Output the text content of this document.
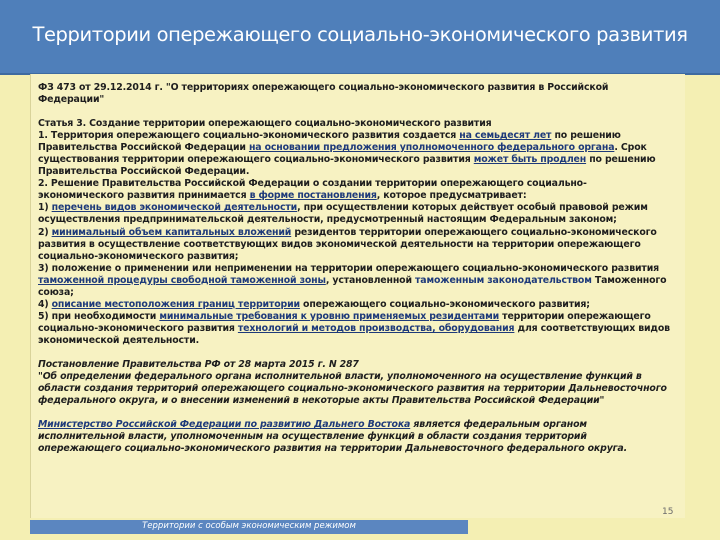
Территории опережающего социально-экономического развития

ФЗ 473 от 29.12.2014 г. "О территориях опережающего социально-экономического развития в Российской Федерации"

Статья 3. Создание территории опережающего социально-экономического развития

1. Территория опережающего социально-экономического развития создается на семьдесят лет по решению Правительства Российской Федерации на основании предложения уполномоченного федерального органа. Срок существования территории опережающего социально-экономического развития может быть продлен по решению Правительства Российской Федерации.

2. Решение Правительства Российской Федерации о создании территории опережающего социально-экономического развития принимается в форме постановления, которое предусматривает:

1) перечень видов экономической деятельности, при осуществлении которых действует особый правовой режим осуществления предпринимательской деятельности, предусмотренный настоящим Федеральным законом;

2) минимальный объем капитальных вложений резидентов территории опережающего социально-экономического развития в осуществление соответствующих видов экономической деятельности на территории опережающего социально-экономического развития;

3) положение о применении или неприменении на территории опережающего социально-экономического развития таможенной процедуры свободной таможенной зоны, установленной таможенным законодательством Таможенного союза;

4) описание местоположения границ территории опережающего социально-экономического развития;

5) при необходимости минимальные требования к уровню применяемых резидентами территории опережающего социально-экономического развития технологий и методов производства, оборудования для соответствующих видов экономической деятельности.

Постановление Правительства РФ от 28 марта 2015 г. N 287

"Об определении федерального органа исполнительной власти, уполномоченного на осуществление функций в области создания территорий опережающего социально-экономического развития на территории Дальневосточного федерального округа, и о внесении изменений в некоторые акты Правительства Российской Федерации"

Министерство Российской Федерации по развитию Дальнего Востока является федеральным органом исполнительной власти, уполномоченным на осуществление функций в области создания территорий опережающего социально-экономического развития на территории Дальневосточного федерального округа.

15
Территории с особым экономическим режимом
